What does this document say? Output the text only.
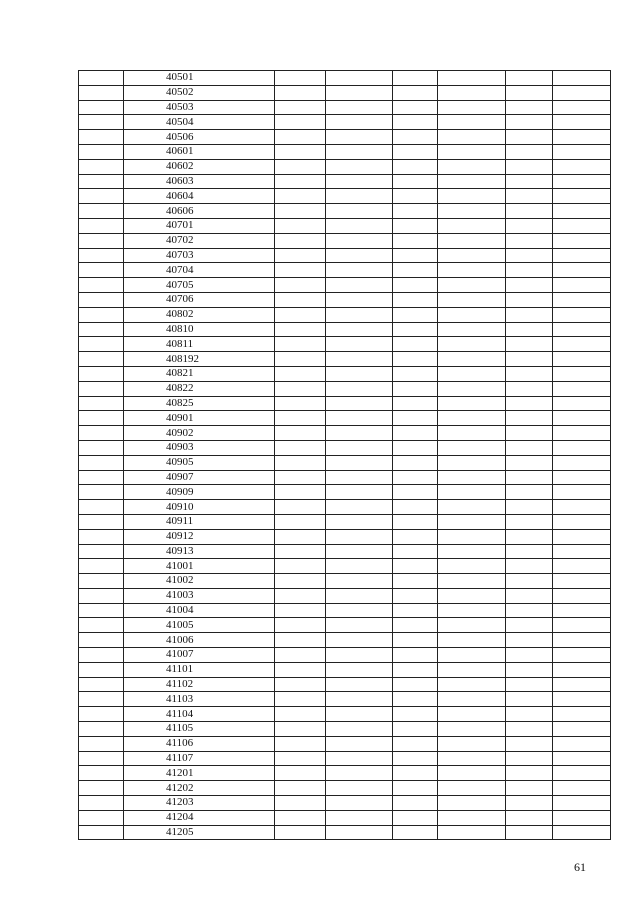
	40501						
	40502						
	40503						
	40504						
	40506						
	40601						
	40602						
	40603						
	40604						
	40606						
	40701						
	40702						
	40703						
	40704						
	40705						
	40706						
	40802						
	40810						
	40811						
	408192						
	40821						
	40822						
	40825						
	40901						
	40902						
	40903						
	40905						
	40907						
	40909						
	40910						
	40911						
	40912						
	40913						
	41001						
	41002						
	41003						
	41004						
	41005						
	41006						
	41007						
	41101						
	41102						
	41103						
	41104						
	41105						
	41106						
	41107						
	41201						
	41202						
	41203						
	41204						
	41205						
61
